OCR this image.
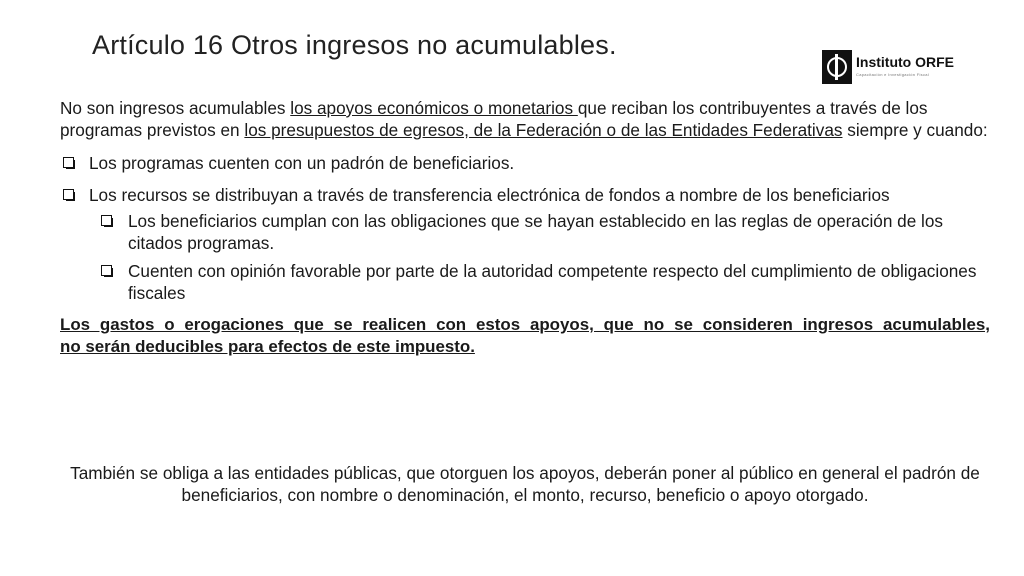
Artículo 16 Otros ingresos no acumulables.
Instituto ORFE
Capacitación e Investigación Fiscal

No son ingresos acumulables los apoyos económicos o monetarios que reciban los contribuyentes a través de los programas previstos en los presupuestos de egresos, de la Federación o de las Entidades Federativas siempre y cuando:

Los programas cuenten con un padrón de beneficiarios.
Los recursos se distribuyan a través de transferencia electrónica de fondos a nombre de los beneficiarios
Los beneficiarios cumplan con las obligaciones que se hayan establecido en las reglas de operación de los citados programas.
Cuenten con opinión favorable por parte de la autoridad competente respecto del cumplimiento de obligaciones fiscales

Los gastos o erogaciones que se realicen con estos apoyos, que no se consideren ingresos acumulables,

no serán deducibles para efectos de este impuesto.

También se obliga a las entidades públicas, que otorguen los apoyos, deberán poner al público en general el padrón de beneficiarios, con nombre o denominación, el monto, recurso, beneficio o apoyo otorgado.
